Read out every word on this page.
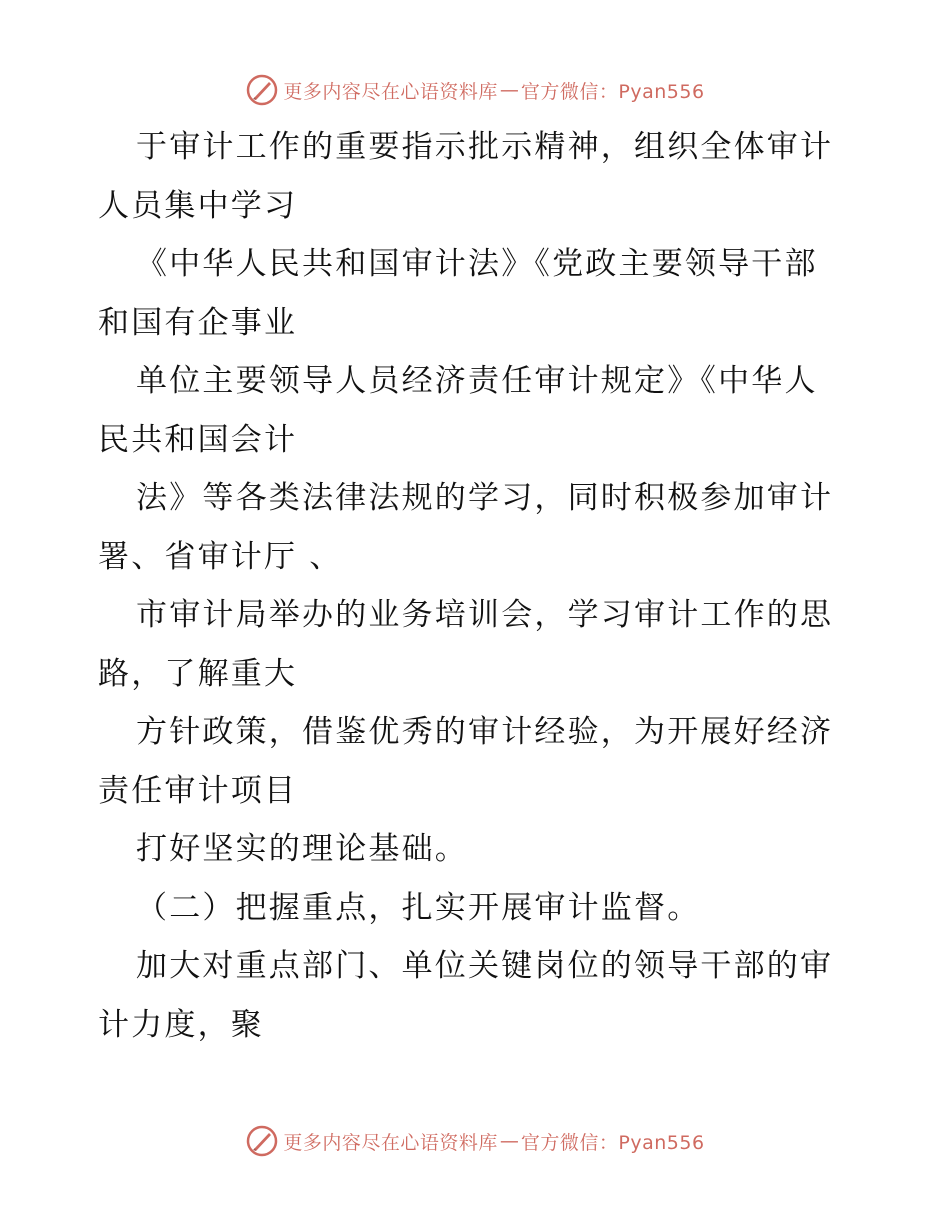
更多内容尽在心语资料库 — 官方微信：Pyan556
于审计工作的重要指示批示精神，组织全体审计
人员集中学习
《中华人民共和国审计法》《党政主要领导干部
和国有企事业
单位主要领导人员经济责任审计规定》《中华人
民共和国会计
法》等各类法律法规的学习，同时积极参加审计
署、省审计厅 、
市审计局举办的业务培训会，学习审计工作的思
路，了解重大
方针政策，借鉴优秀的审计经验，为开展好经济
责任审计项目
打好坚实的理论基础。
（二）把握重点，扎实开展审计监督。
加大对重点部门、单位关键岗位的领导干部的审
计力度，聚
更多内容尽在心语资料库 — 官方微信：Pyan556
